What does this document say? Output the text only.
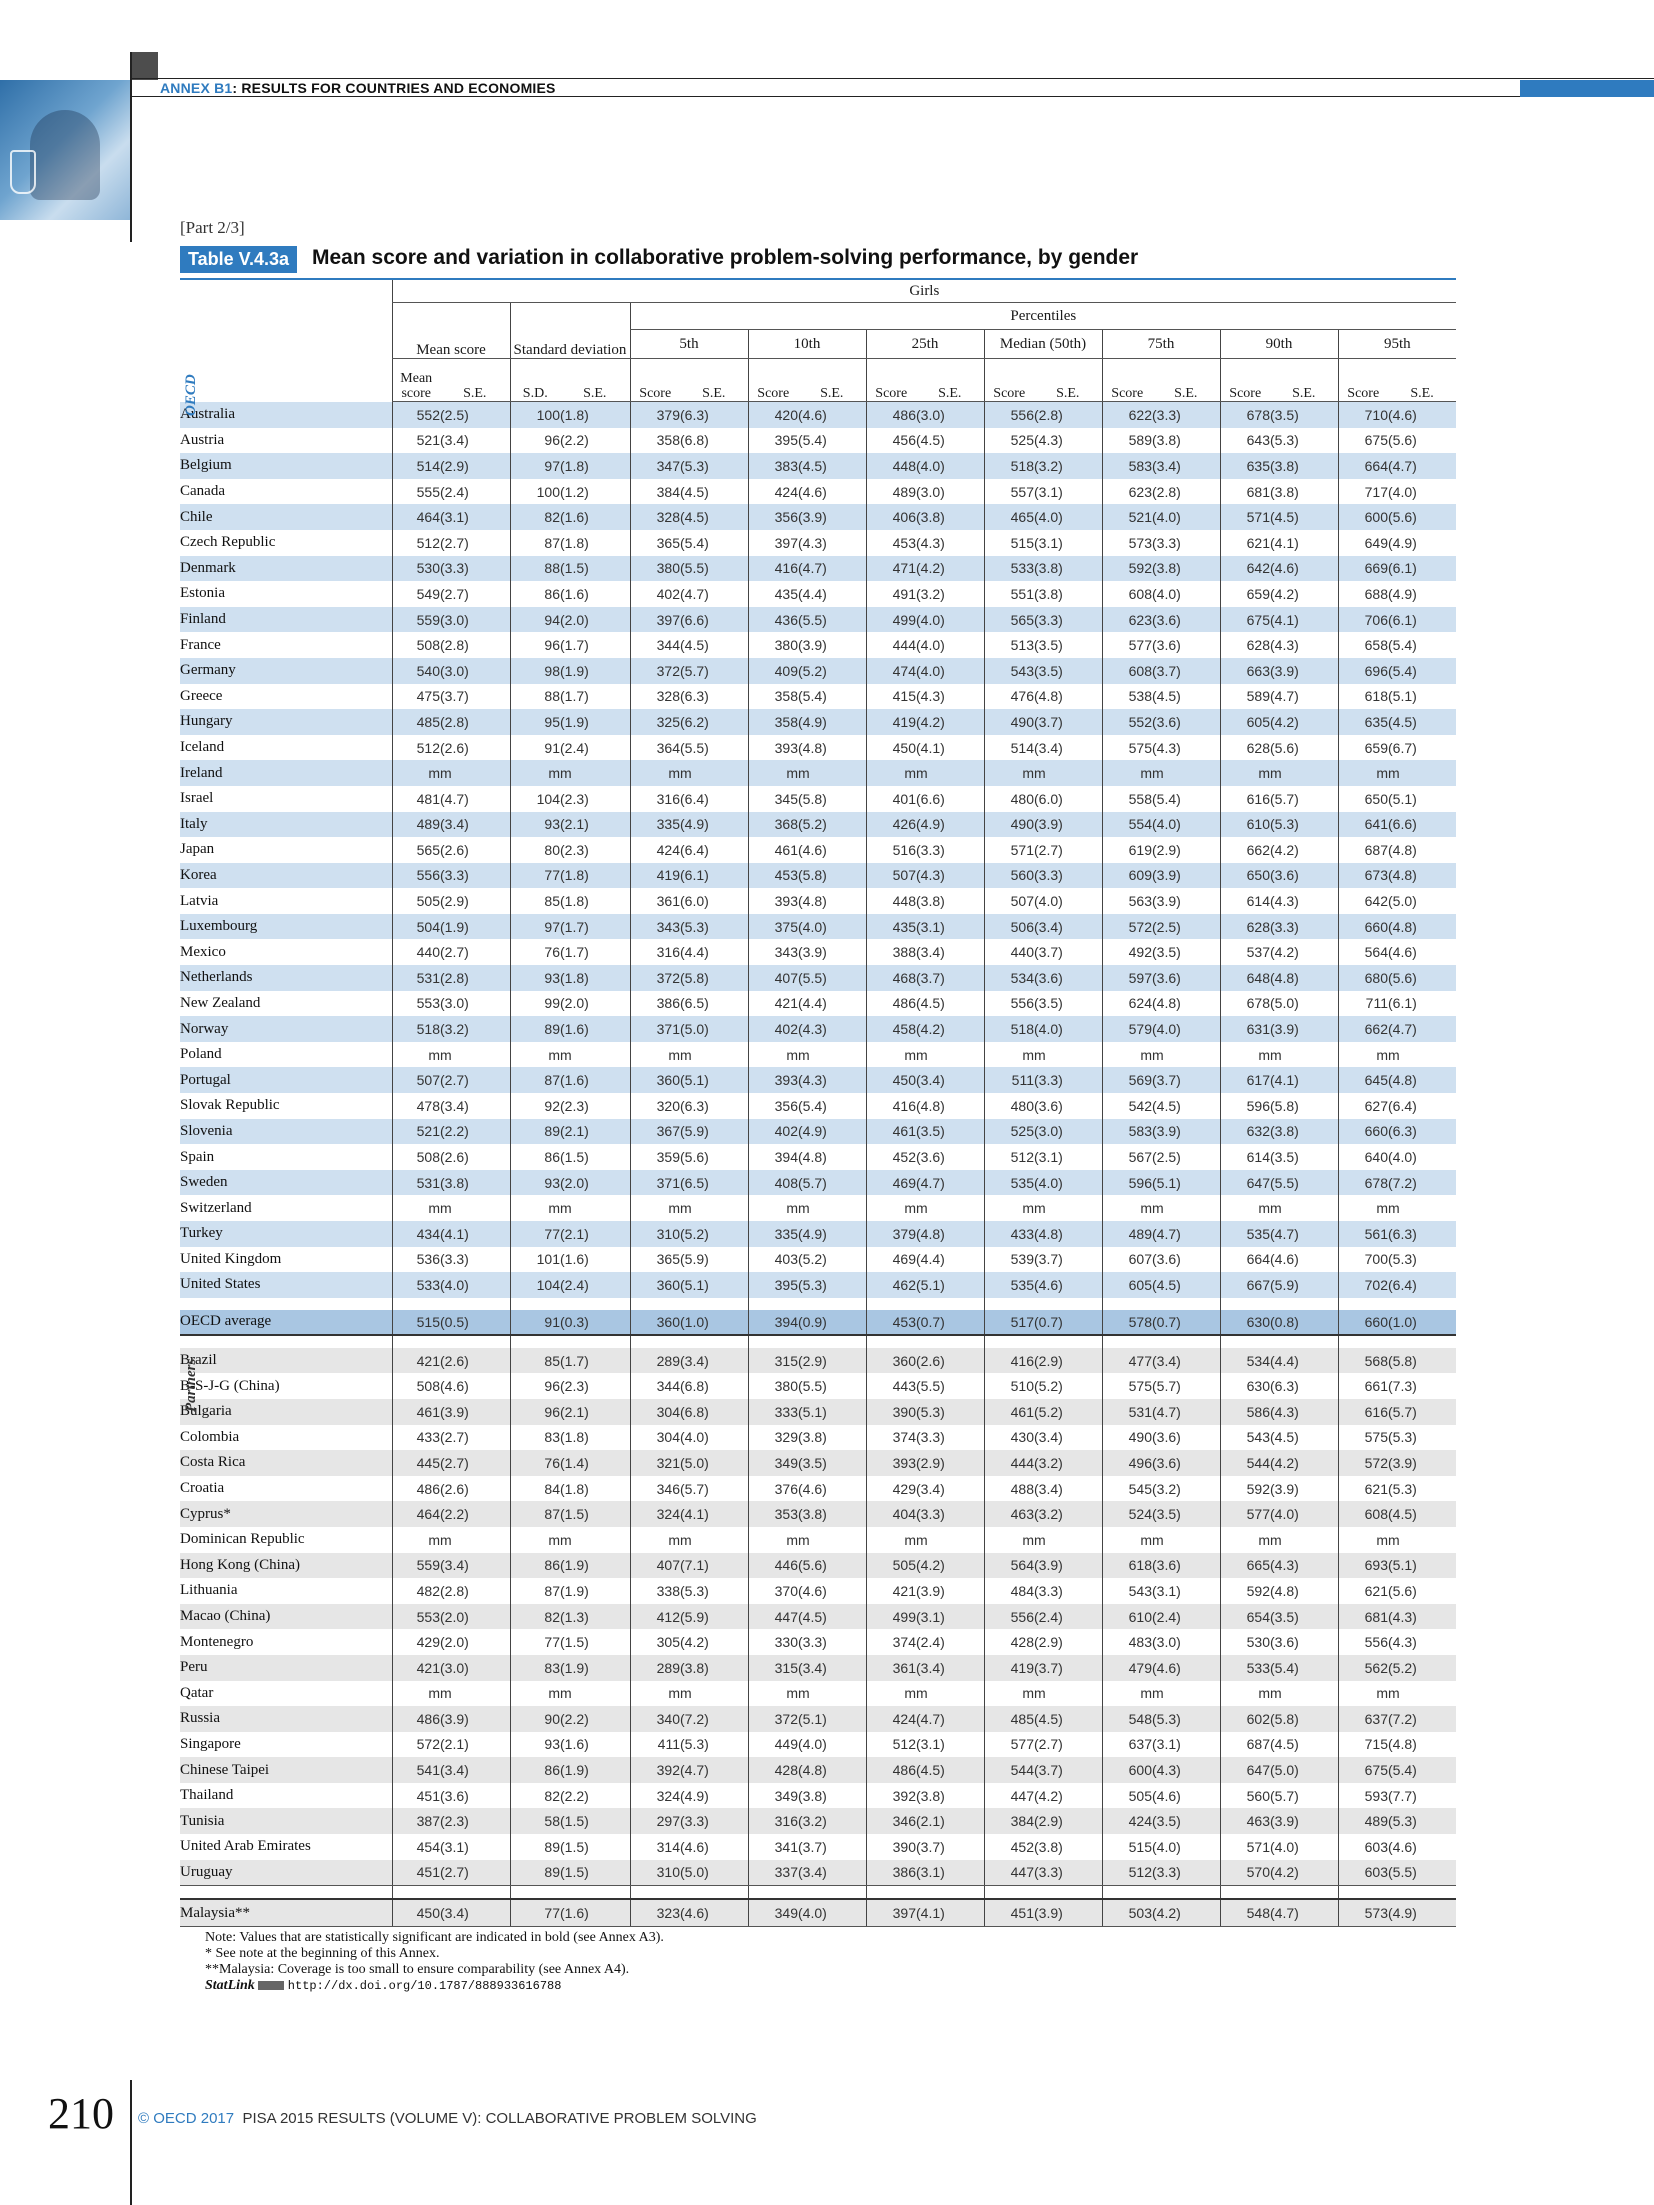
ANNEX B1: RESULTS FOR COUNTRIES AND ECONOMIES
[Part 2/3]
Table V.4.3a	Mean score and variation in collaborative problem-solving performance, by gender
	Girls																	
					Percentiles													
	Mean score		Standard deviation		5th		10th		25th		Median (50th)		75th		90th		95th	
	Mean score	S.E.	S.D.	S.E.	Score	S.E.	Score	S.E.	Score	S.E.	Score	S.E.	Score	S.E.	Score	S.E.	Score	S.E.
Australia	552	(2.5)	100	(1.8)	379	(6.3)	420	(4.6)	486	(3.0)	556	(2.8)	622	(3.3)	678	(3.5)	710	(4.6)
Austria	521	(3.4)	96	(2.2)	358	(6.8)	395	(5.4)	456	(4.5)	525	(4.3)	589	(3.8)	643	(5.3)	675	(5.6)
Belgium	514	(2.9)	97	(1.8)	347	(5.3)	383	(4.5)	448	(4.0)	518	(3.2)	583	(3.4)	635	(3.8)	664	(4.7)
Canada	555	(2.4)	100	(1.2)	384	(4.5)	424	(4.6)	489	(3.0)	557	(3.1)	623	(2.8)	681	(3.8)	717	(4.0)
Chile	464	(3.1)	82	(1.6)	328	(4.5)	356	(3.9)	406	(3.8)	465	(4.0)	521	(4.0)	571	(4.5)	600	(5.6)
Czech Republic	512	(2.7)	87	(1.8)	365	(5.4)	397	(4.3)	453	(4.3)	515	(3.1)	573	(3.3)	621	(4.1)	649	(4.9)
Denmark	530	(3.3)	88	(1.5)	380	(5.5)	416	(4.7)	471	(4.2)	533	(3.8)	592	(3.8)	642	(4.6)	669	(6.1)
Estonia	549	(2.7)	86	(1.6)	402	(4.7)	435	(4.4)	491	(3.2)	551	(3.8)	608	(4.0)	659	(4.2)	688	(4.9)
Finland	559	(3.0)	94	(2.0)	397	(6.6)	436	(5.5)	499	(4.0)	565	(3.3)	623	(3.6)	675	(4.1)	706	(6.1)
France	508	(2.8)	96	(1.7)	344	(4.5)	380	(3.9)	444	(4.0)	513	(3.5)	577	(3.6)	628	(4.3)	658	(5.4)
Germany	540	(3.0)	98	(1.9)	372	(5.7)	409	(5.2)	474	(4.0)	543	(3.5)	608	(3.7)	663	(3.9)	696	(5.4)
Greece	475	(3.7)	88	(1.7)	328	(6.3)	358	(5.4)	415	(4.3)	476	(4.8)	538	(4.5)	589	(4.7)	618	(5.1)
Hungary	485	(2.8)	95	(1.9)	325	(6.2)	358	(4.9)	419	(4.2)	490	(3.7)	552	(3.6)	605	(4.2)	635	(4.5)
Iceland	512	(2.6)	91	(2.4)	364	(5.5)	393	(4.8)	450	(4.1)	514	(3.4)	575	(4.3)	628	(5.6)	659	(6.7)
Ireland	m	m	m	m	m	m	m	m	m	m	m	m	m	m	m	m	m	m
Israel	481	(4.7)	104	(2.3)	316	(6.4)	345	(5.8)	401	(6.6)	480	(6.0)	558	(5.4)	616	(5.7)	650	(5.1)
Italy	489	(3.4)	93	(2.1)	335	(4.9)	368	(5.2)	426	(4.9)	490	(3.9)	554	(4.0)	610	(5.3)	641	(6.6)
Japan	565	(2.6)	80	(2.3)	424	(6.4)	461	(4.6)	516	(3.3)	571	(2.7)	619	(2.9)	662	(4.2)	687	(4.8)
Korea	556	(3.3)	77	(1.8)	419	(6.1)	453	(5.8)	507	(4.3)	560	(3.3)	609	(3.9)	650	(3.6)	673	(4.8)
Latvia	505	(2.9)	85	(1.8)	361	(6.0)	393	(4.8)	448	(3.8)	507	(4.0)	563	(3.9)	614	(4.3)	642	(5.0)
Luxembourg	504	(1.9)	97	(1.7)	343	(5.3)	375	(4.0)	435	(3.1)	506	(3.4)	572	(2.5)	628	(3.3)	660	(4.8)
Mexico	440	(2.7)	76	(1.7)	316	(4.4)	343	(3.9)	388	(3.4)	440	(3.7)	492	(3.5)	537	(4.2)	564	(4.6)
Netherlands	531	(2.8)	93	(1.8)	372	(5.8)	407	(5.5)	468	(3.7)	534	(3.6)	597	(3.6)	648	(4.8)	680	(5.6)
New Zealand	553	(3.0)	99	(2.0)	386	(6.5)	421	(4.4)	486	(4.5)	556	(3.5)	624	(4.8)	678	(5.0)	711	(6.1)
Norway	518	(3.2)	89	(1.6)	371	(5.0)	402	(4.3)	458	(4.2)	518	(4.0)	579	(4.0)	631	(3.9)	662	(4.7)
Poland	m	m	m	m	m	m	m	m	m	m	m	m	m	m	m	m	m	m
Portugal	507	(2.7)	87	(1.6)	360	(5.1)	393	(4.3)	450	(3.4)	511	(3.3)	569	(3.7)	617	(4.1)	645	(4.8)
Slovak Republic	478	(3.4)	92	(2.3)	320	(6.3)	356	(5.4)	416	(4.8)	480	(3.6)	542	(4.5)	596	(5.8)	627	(6.4)
Slovenia	521	(2.2)	89	(2.1)	367	(5.9)	402	(4.9)	461	(3.5)	525	(3.0)	583	(3.9)	632	(3.8)	660	(6.3)
Spain	508	(2.6)	86	(1.5)	359	(5.6)	394	(4.8)	452	(3.6)	512	(3.1)	567	(2.5)	614	(3.5)	640	(4.0)
Sweden	531	(3.8)	93	(2.0)	371	(6.5)	408	(5.7)	469	(4.7)	535	(4.0)	596	(5.1)	647	(5.5)	678	(7.2)
Switzerland	m	m	m	m	m	m	m	m	m	m	m	m	m	m	m	m	m	m
Turkey	434	(4.1)	77	(2.1)	310	(5.2)	335	(4.9)	379	(4.8)	433	(4.8)	489	(4.7)	535	(4.7)	561	(6.3)
United Kingdom	536	(3.3)	101	(1.6)	365	(5.9)	403	(5.2)	469	(4.4)	539	(3.7)	607	(3.6)	664	(4.6)	700	(5.3)
United States	533	(4.0)	104	(2.4)	360	(5.1)	395	(5.3)	462	(5.1)	535	(4.6)	605	(4.5)	667	(5.9)	702	(6.4)

OECD average	515	(0.5)	91	(0.3)	360	(1.0)	394	(0.9)	453	(0.7)	517	(0.7)	578	(0.7)	630	(0.8)	660	(1.0)

Brazil	421	(2.6)	85	(1.7)	289	(3.4)	315	(2.9)	360	(2.6)	416	(2.9)	477	(3.4)	534	(4.4)	568	(5.8)
B-S-J-G (China)	508	(4.6)	96	(2.3)	344	(6.8)	380	(5.5)	443	(5.5)	510	(5.2)	575	(5.7)	630	(6.3)	661	(7.3)
Bulgaria	461	(3.9)	96	(2.1)	304	(6.8)	333	(5.1)	390	(5.3)	461	(5.2)	531	(4.7)	586	(4.3)	616	(5.7)
Colombia	433	(2.7)	83	(1.8)	304	(4.0)	329	(3.8)	374	(3.3)	430	(3.4)	490	(3.6)	543	(4.5)	575	(5.3)
Costa Rica	445	(2.7)	76	(1.4)	321	(5.0)	349	(3.5)	393	(2.9)	444	(3.2)	496	(3.6)	544	(4.2)	572	(3.9)
Croatia	486	(2.6)	84	(1.8)	346	(5.7)	376	(4.6)	429	(3.4)	488	(3.4)	545	(3.2)	592	(3.9)	621	(5.3)
Cyprus*	464	(2.2)	87	(1.5)	324	(4.1)	353	(3.8)	404	(3.3)	463	(3.2)	524	(3.5)	577	(4.0)	608	(4.5)
Dominican Republic	m	m	m	m	m	m	m	m	m	m	m	m	m	m	m	m	m	m
Hong Kong (China)	559	(3.4)	86	(1.9)	407	(7.1)	446	(5.6)	505	(4.2)	564	(3.9)	618	(3.6)	665	(4.3)	693	(5.1)
Lithuania	482	(2.8)	87	(1.9)	338	(5.3)	370	(4.6)	421	(3.9)	484	(3.3)	543	(3.1)	592	(4.8)	621	(5.6)
Macao (China)	553	(2.0)	82	(1.3)	412	(5.9)	447	(4.5)	499	(3.1)	556	(2.4)	610	(2.4)	654	(3.5)	681	(4.3)
Montenegro	429	(2.0)	77	(1.5)	305	(4.2)	330	(3.3)	374	(2.4)	428	(2.9)	483	(3.0)	530	(3.6)	556	(4.3)
Peru	421	(3.0)	83	(1.9)	289	(3.8)	315	(3.4)	361	(3.4)	419	(3.7)	479	(4.6)	533	(5.4)	562	(5.2)
Qatar	m	m	m	m	m	m	m	m	m	m	m	m	m	m	m	m	m	m
Russia	486	(3.9)	90	(2.2)	340	(7.2)	372	(5.1)	424	(4.7)	485	(4.5)	548	(5.3)	602	(5.8)	637	(7.2)
Singapore	572	(2.1)	93	(1.6)	411	(5.3)	449	(4.0)	512	(3.1)	577	(2.7)	637	(3.1)	687	(4.5)	715	(4.8)
Chinese Taipei	541	(3.4)	86	(1.9)	392	(4.7)	428	(4.8)	486	(4.5)	544	(3.7)	600	(4.3)	647	(5.0)	675	(5.4)
Thailand	451	(3.6)	82	(2.2)	324	(4.9)	349	(3.8)	392	(3.8)	447	(4.2)	505	(4.6)	560	(5.7)	593	(7.7)
Tunisia	387	(2.3)	58	(1.5)	297	(3.3)	316	(3.2)	346	(2.1)	384	(2.9)	424	(3.5)	463	(3.9)	489	(5.3)
United Arab Emirates	454	(3.1)	89	(1.5)	314	(4.6)	341	(3.7)	390	(3.7)	452	(3.8)	515	(4.0)	571	(4.0)	603	(4.6)
Uruguay	451	(2.7)	89	(1.5)	310	(5.0)	337	(3.4)	386	(3.1)	447	(3.3)	512	(3.3)	570	(4.2)	603	(5.5)

Malaysia**	450	(3.4)	77	(1.6)	323	(4.6)	349	(4.0)	397	(4.1)	451	(3.9)	503	(4.2)	548	(4.7)	573	(4.9)
OECD
Partners
Note: Values that are statistically significant are indicated in bold (see Annex A3).
* See note at the beginning of this Annex.
**Malaysia: Coverage is too small to ensure comparability (see Annex A4).
StatLink	http://dx.doi.org/10.1787/888933616788
210 © OECD 2017 PISA 2015 RESULTS (VOLUME V): COLLABORATIVE PROBLEM SOLVING
